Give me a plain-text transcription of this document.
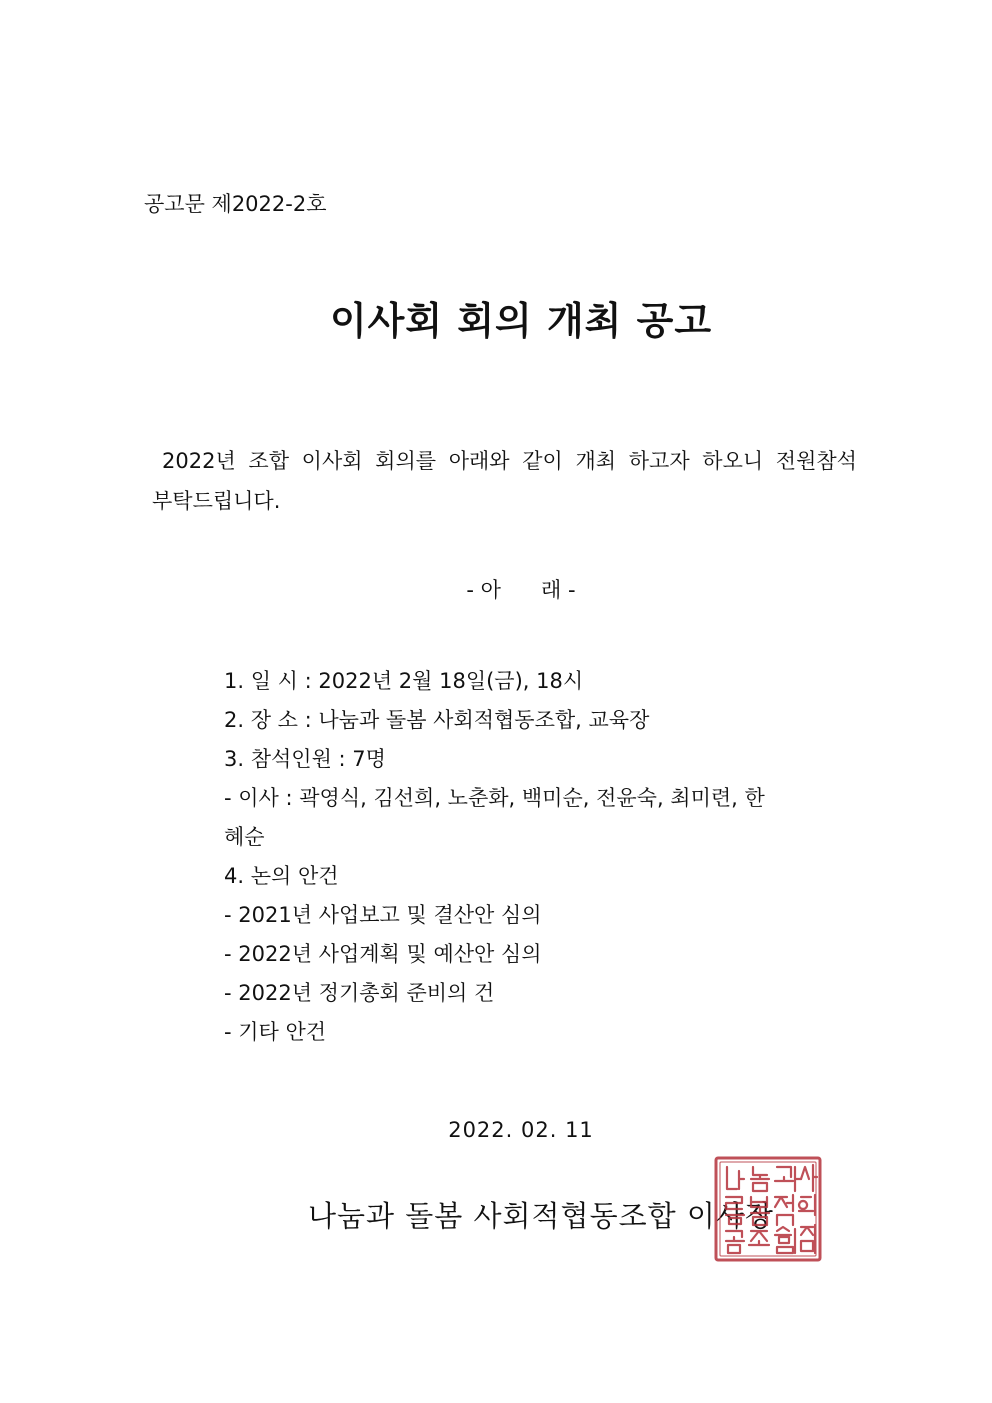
공고문 제2022-2호
이사회 회의 개최 공고
2022년 조합 이사회 회의를 아래와 같이 개최 하고자 하오니 전원참석
부탁드립니다.
- 아      래 -
1. 일 시 : 2022년 2월 18일(금), 18시
2. 장 소 : 나눔과 돌봄 사회적협동조합, 교육장
3. 참석인원 : 7명
- 이사 : 곽영식, 김선희, 노춘화, 백미순, 전윤숙, 최미련, 한
혜순
4. 논의 안건
- 2021년 사업보고 및 결산안 심의
- 2022년 사업계획 및 예산안 심의
- 2022년 정기총회 준비의 건
- 기타 안건
2022. 02. 11
나눔과 돌봄 사회적협동조합 이사장
